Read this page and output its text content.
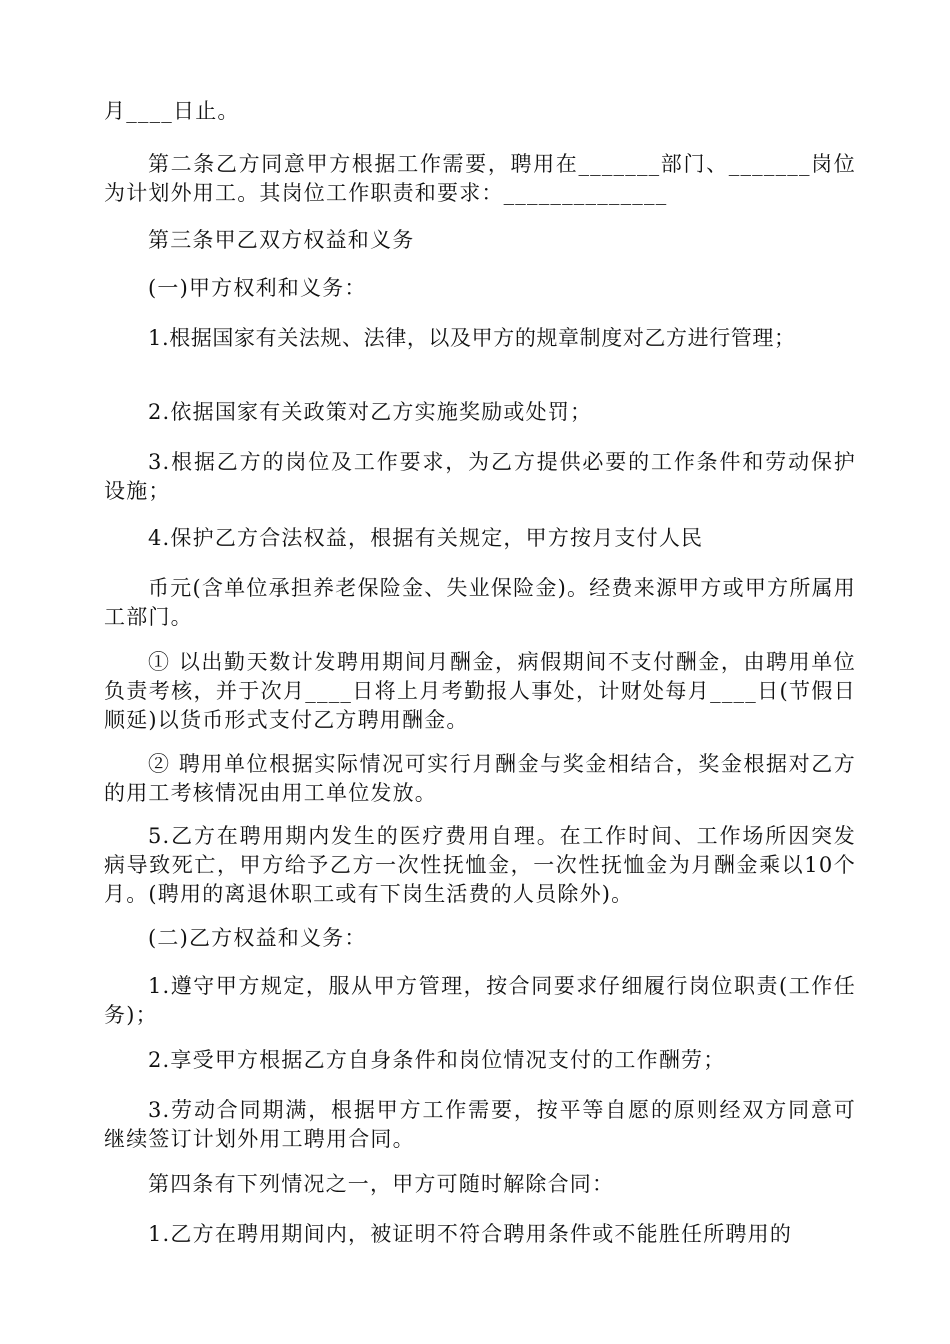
月____日止。

第二条乙方同意甲方根据工作需要，聘用在_______部门、_______岗位为计划外用工。其岗位工作职责和要求：______________

第三条甲乙双方权益和义务

(一)甲方权利和义务：

1.根据国家有关法规、法律，以及甲方的规章制度对乙方进行管理；

2.依据国家有关政策对乙方实施奖励或处罚；

3.根据乙方的岗位及工作要求，为乙方提供必要的工作条件和劳动保护设施；

4.保护乙方合法权益，根据有关规定，甲方按月支付人民

币元(含单位承担养老保险金、失业保险金)。经费来源甲方或甲方所属用工部门。

① 以出勤天数计发聘用期间月酬金，病假期间不支付酬金，由聘用单位负责考核，并于次月____日将上月考勤报人事处，计财处每月____日(节假日顺延)以货币形式支付乙方聘用酬金。

② 聘用单位根据实际情况可实行月酬金与奖金相结合，奖金根据对乙方的用工考核情况由用工单位发放。

5.乙方在聘用期内发生的医疗费用自理。在工作时间、工作场所因突发病导致死亡，甲方给予乙方一次性抚恤金，一次性抚恤金为月酬金乘以10个月。(聘用的离退休职工或有下岗生活费的人员除外)。

(二)乙方权益和义务：

1.遵守甲方规定，服从甲方管理，按合同要求仔细履行岗位职责(工作任务)；

2.享受甲方根据乙方自身条件和岗位情况支付的工作酬劳；

3.劳动合同期满，根据甲方工作需要，按平等自愿的原则经双方同意可继续签订计划外用工聘用合同。

第四条有下列情况之一，甲方可随时解除合同：

1.乙方在聘用期间内，被证明不符合聘用条件或不能胜任所聘用的
